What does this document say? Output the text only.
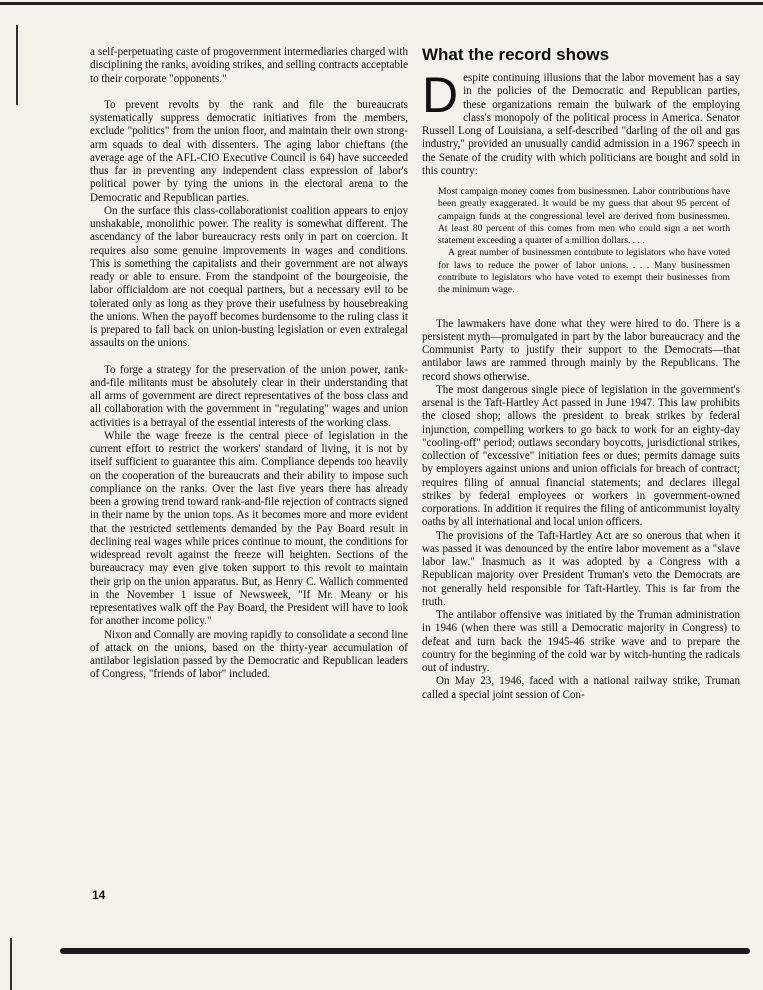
a self-perpetuating caste of progovernment intermediaries charged with disciplining the ranks, avoiding strikes, and selling contracts acceptable to their corporate "opponents."

To prevent revolts by the rank and file the bureaucrats systematically suppress democratic initiatives from the members, exclude "politics" from the union floor, and maintain their own strong-arm squads to deal with dissenters. The aging labor chieftans (the average age of the AFL-CIO Executive Council is 64) have succeeded thus far in preventing any independent class expression of labor's political power by tying the unions in the electoral arena to the Democratic and Republican parties.

On the surface this class-collaborationist coalition appears to enjoy unshakable, monolithic power. The reality is somewhat different. The ascendancy of the labor bureaucracy rests only in part on coercion. It requires also some genuine improvements in wages and conditions. This is something the capitalists and their government are not always ready or able to ensure. From the standpoint of the bourgeoisie, the labor officialdom are not coequal partners, but a necessary evil to be tolerated only as long as they prove their usefulness by housebreaking the unions. When the payoff becomes burdensome to the ruling class it is prepared to fall back on union-busting legislation or even extralegal assaults on the unions.

To forge a strategy for the preservation of the union power, rank-and-file militants must be absolutely clear in their understanding that all arms of government are direct representatives of the boss class and all collaboration with the government in "regulating" wages and union activities is a betrayal of the essential interests of the working class.

While the wage freeze is the central piece of legislation in the current effort to restrict the workers' standard of living, it is not by itself sufficient to guarantee this aim. Compliance depends too heavily on the cooperation of the bureaucrats and their ability to impose such compliance on the ranks. Over the last five years there has already been a growing trend toward rank-and-file rejection of contracts signed in their name by the union tops. As it becomes more and more evident that the restricted settlements demanded by the Pay Board result in declining real wages while prices continue to mount, the conditions for widespread revolt against the freeze will heighten. Sections of the bureaucracy may even give token support to this revolt to maintain their grip on the union apparatus. But, as Henry C. Wallich commented in the November 1 issue of Newsweek, "If Mr. Meany or his representatives walk off the Pay Board, the President will have to look for another income policy."

Nixon and Connally are moving rapidly to consolidate a second line of attack on the unions, based on the thirty-year accumulation of antilabor legislation passed by the Democratic and Republican leaders of Congress, "friends of labor" included.

What the record shows

Despite continuing illusions that the labor movement has a say in the policies of the Democratic and Republican parties, these organizations remain the bulwark of the employing class's monopoly of the political process in America. Senator Russell Long of Louisiana, a self-described "darling of the oil and gas industry," provided an unusually candid admission in a 1967 speech in the Senate of the crudity with which politicians are bought and sold in this country:

Most campaign money comes from businessmen. Labor contributions have been greatly exaggerated. It would be my guess that about 95 percent of campaign funds at the congressional level are derived from businessmen. At least 80 percent of this comes from men who could sign a net worth statement exceeding a quarter of a million dollars. . . .

A great number of businessmen contribute to legislators who have voted for laws to reduce the power of labor unions. . . . Many businessmen contribute to legislators who have voted to exempt their businesses from the minimum wage.

The lawmakers have done what they were hired to do. There is a persistent myth—promulgated in part by the labor bureaucracy and the Communist Party to justify their support to the Democrats—that antilabor laws are rammed through mainly by the Republicans. The record shows otherwise.

The most dangerous single piece of legislation in the government's arsenal is the Taft-Hartley Act passed in June 1947. This law prohibits the closed shop; allows the president to break strikes by federal injunction, compelling workers to go back to work for an eighty-day "cooling-off" period; outlaws secondary boycotts, jurisdictional strikes, collection of "excessive" initiation fees or dues; permits damage suits by employers against unions and union officials for breach of contract; requires filing of annual financial statements; and declares illegal strikes by federal employees or workers in government-owned corporations. In addition it requires the filing of anticommunist loyalty oaths by all international and local union officers.

The provisions of the Taft-Hartley Act are so onerous that when it was passed it was denounced by the entire labor movement as a "slave labor law." Inasmuch as it was adopted by a Congress with a Republican majority over President Truman's veto the Democrats are not generally held responsible for Taft-Hartley. This is far from the truth.

The antilabor offensive was initiated by the Truman administration in 1946 (when there was still a Democratic majority in Congress) to defeat and turn back the 1945-46 strike wave and to prepare the country for the beginning of the cold war by witch-hunting the radicals out of industry.

On May 23, 1946, faced with a national railway strike, Truman called a special joint session of Con-

14
